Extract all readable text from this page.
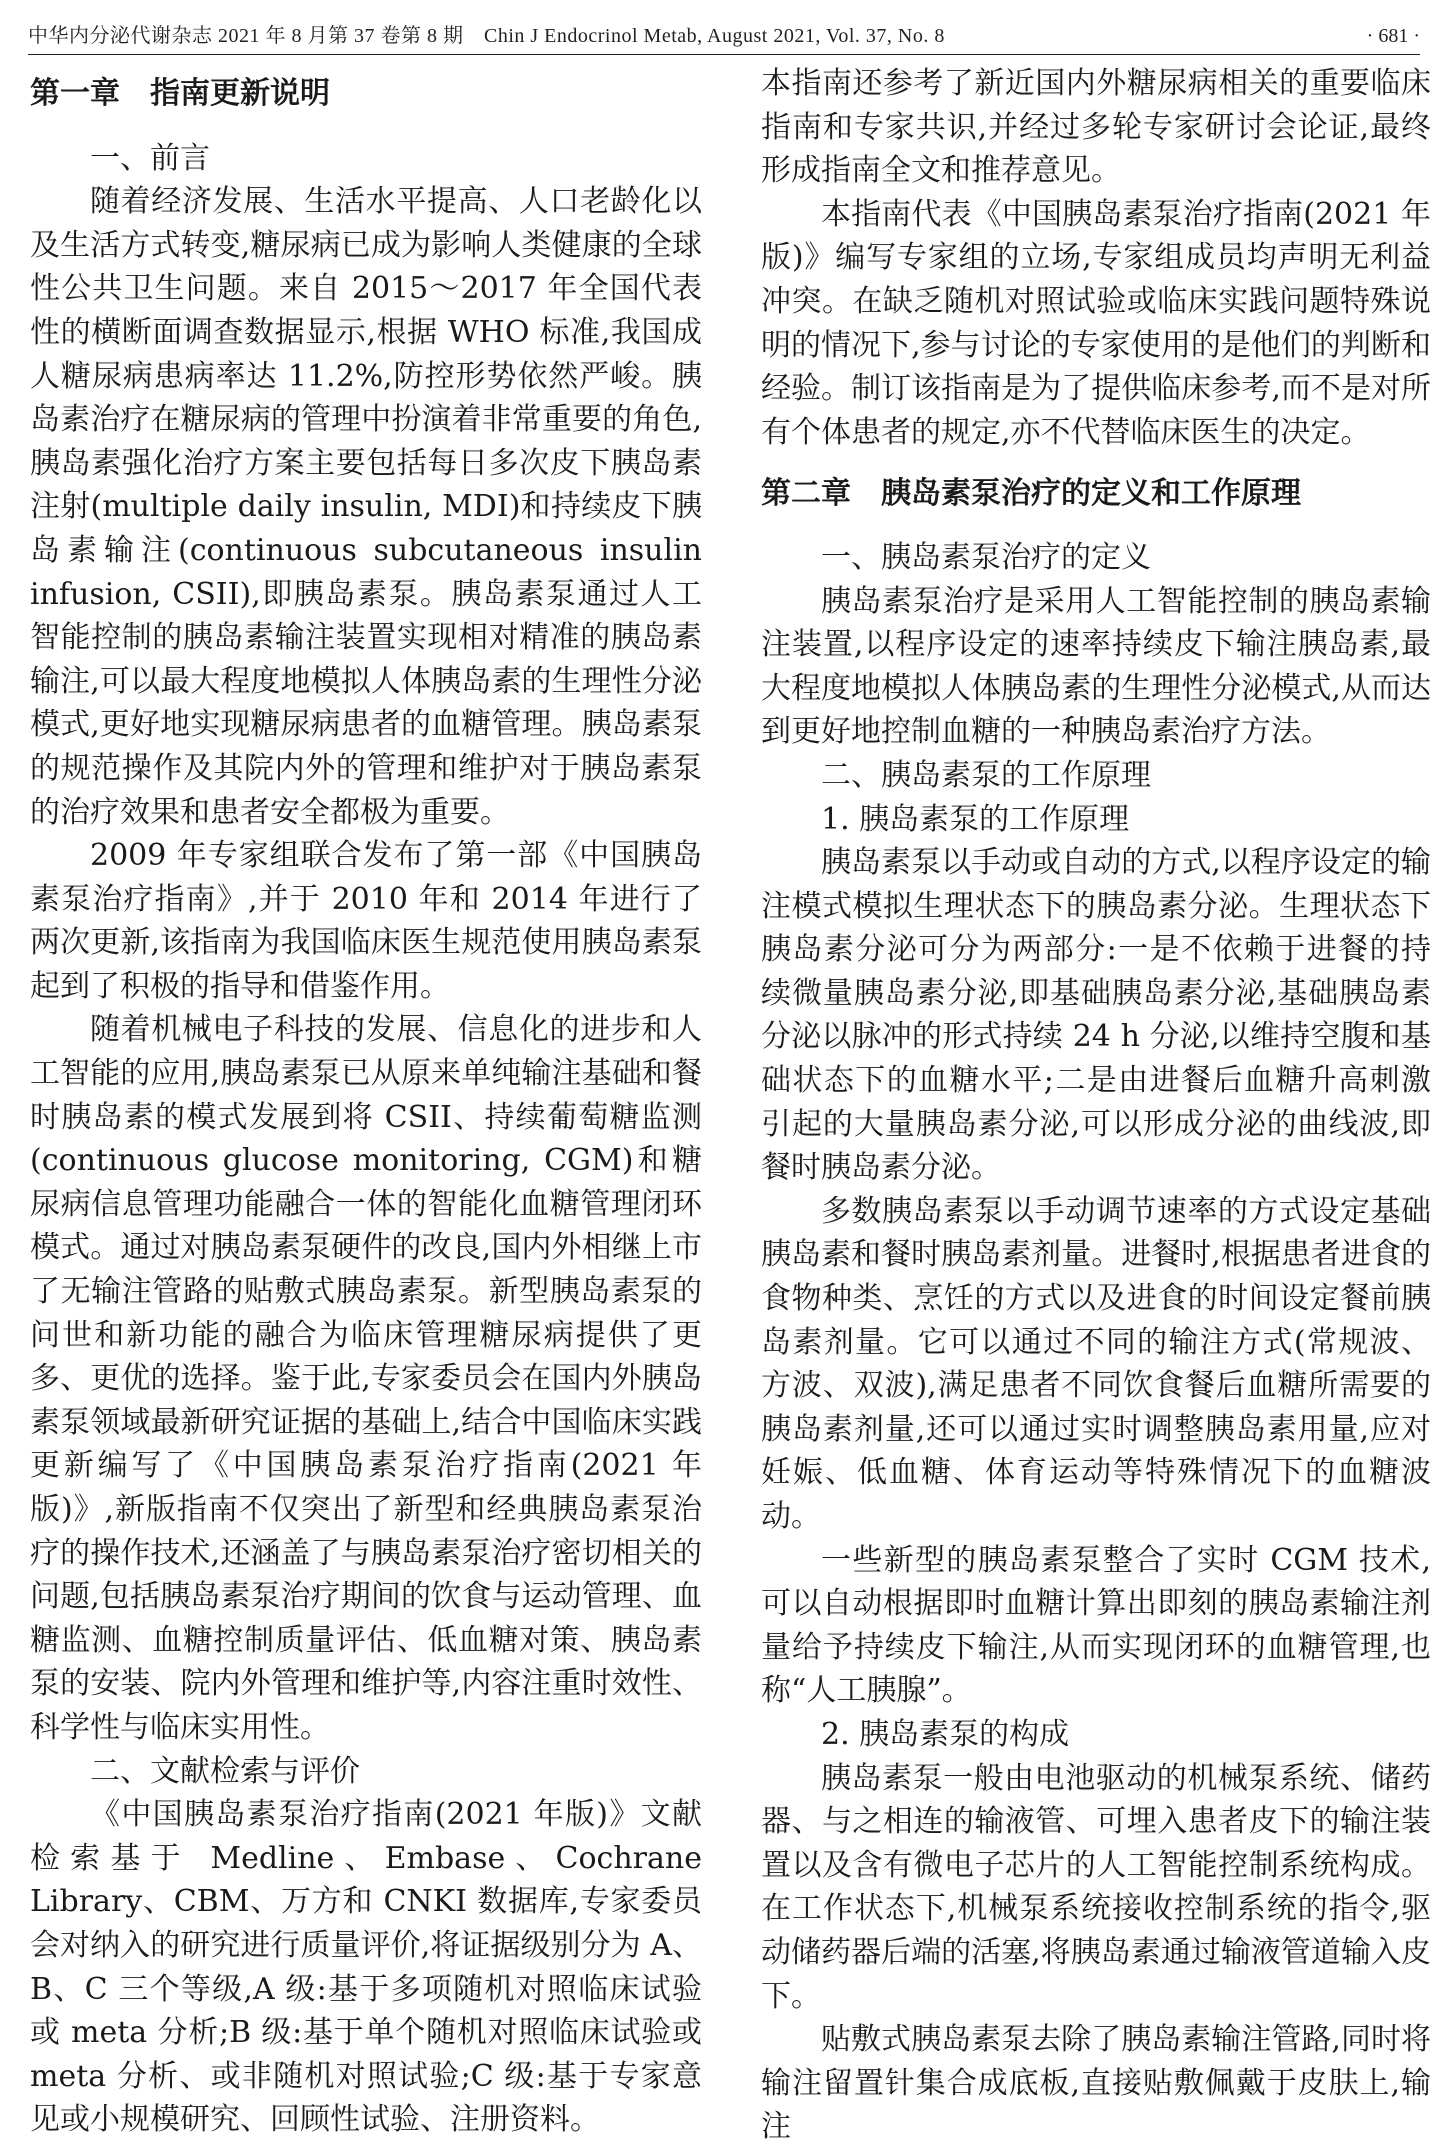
中华内分泌代谢杂志 2021 年 8 月第 37 卷第 8 期　Chin J Endocrinol Metab, August 2021, Vol. 37, No. 8	· 681 ·

第一章　指南更新说明

一、前言

随着经济发展、生活水平提高、人口老龄化以及生活方式转变,糖尿病已成为影响人类健康的全球性公共卫生问题。来自 2015～2017 年全国代表性的横断面调查数据显示,根据 WHO 标准,我国成人糖尿病患病率达 11.2%,防控形势依然严峻。胰岛素治疗在糖尿病的管理中扮演着非常重要的角色,胰岛素强化治疗方案主要包括每日多次皮下胰岛素注射(multiple daily insulin, MDI)和持续皮下胰岛素输注(continuous subcutaneous insulin infusion, CSII),即胰岛素泵。胰岛素泵通过人工智能控制的胰岛素输注装置实现相对精准的胰岛素输注,可以最大程度地模拟人体胰岛素的生理性分泌模式,更好地实现糖尿病患者的血糖管理。胰岛素泵的规范操作及其院内外的管理和维护对于胰岛素泵的治疗效果和患者安全都极为重要。

2009 年专家组联合发布了第一部《中国胰岛素泵治疗指南》,并于 2010 年和 2014 年进行了两次更新,该指南为我国临床医生规范使用胰岛素泵起到了积极的指导和借鉴作用。

随着机械电子科技的发展、信息化的进步和人工智能的应用,胰岛素泵已从原来单纯输注基础和餐时胰岛素的模式发展到将 CSII、持续葡萄糖监测(continuous glucose monitoring, CGM)和糖尿病信息管理功能融合一体的智能化血糖管理闭环模式。通过对胰岛素泵硬件的改良,国内外相继上市了无输注管路的贴敷式胰岛素泵。新型胰岛素泵的问世和新功能的融合为临床管理糖尿病提供了更多、更优的选择。鉴于此,专家委员会在国内外胰岛素泵领域最新研究证据的基础上,结合中国临床实践更新编写了《中国胰岛素泵治疗指南(2021 年版)》,新版指南不仅突出了新型和经典胰岛素泵治疗的操作技术,还涵盖了与胰岛素泵治疗密切相关的问题,包括胰岛素泵治疗期间的饮食与运动管理、血糖监测、血糖控制质量评估、低血糖对策、胰岛素泵的安装、院内外管理和维护等,内容注重时效性、科学性与临床实用性。

二、文献检索与评价

《中国胰岛素泵治疗指南(2021 年版)》文献检索基于 Medline、Embase、Cochrane Library、CBM、万方和 CNKI 数据库,专家委员会对纳入的研究进行质量评价,将证据级别分为 A、B、C 三个等级,A 级:基于多项随机对照临床试验或 meta 分析;B 级:基于单个随机对照临床试验或 meta 分析、或非随机对照试验;C 级:基于专家意见或小规模研究、回顾性试验、注册资料。

本指南还参考了新近国内外糖尿病相关的重要临床指南和专家共识,并经过多轮专家研讨会论证,最终形成指南全文和推荐意见。

本指南代表《中国胰岛素泵治疗指南(2021 年版)》编写专家组的立场,专家组成员均声明无利益冲突。在缺乏随机对照试验或临床实践问题特殊说明的情况下,参与讨论的专家使用的是他们的判断和经验。制订该指南是为了提供临床参考,而不是对所有个体患者的规定,亦不代替临床医生的决定。

第二章　胰岛素泵治疗的定义和工作原理

一、胰岛素泵治疗的定义

胰岛素泵治疗是采用人工智能控制的胰岛素输注装置,以程序设定的速率持续皮下输注胰岛素,最大程度地模拟人体胰岛素的生理性分泌模式,从而达到更好地控制血糖的一种胰岛素治疗方法。

二、胰岛素泵的工作原理

1. 胰岛素泵的工作原理

胰岛素泵以手动或自动的方式,以程序设定的输注模式模拟生理状态下的胰岛素分泌。生理状态下胰岛素分泌可分为两部分:一是不依赖于进餐的持续微量胰岛素分泌,即基础胰岛素分泌,基础胰岛素分泌以脉冲的形式持续 24 h 分泌,以维持空腹和基础状态下的血糖水平;二是由进餐后血糖升高刺激引起的大量胰岛素分泌,可以形成分泌的曲线波,即餐时胰岛素分泌。

多数胰岛素泵以手动调节速率的方式设定基础胰岛素和餐时胰岛素剂量。进餐时,根据患者进食的食物种类、烹饪的方式以及进食的时间设定餐前胰岛素剂量。它可以通过不同的输注方式(常规波、方波、双波),满足患者不同饮食餐后血糖所需要的胰岛素剂量,还可以通过实时调整胰岛素用量,应对妊娠、低血糖、体育运动等特殊情况下的血糖波动。

一些新型的胰岛素泵整合了实时 CGM 技术,可以自动根据即时血糖计算出即刻的胰岛素输注剂量给予持续皮下输注,从而实现闭环的血糖管理,也称“人工胰腺”。

2. 胰岛素泵的构成

胰岛素泵一般由电池驱动的机械泵系统、储药器、与之相连的输液管、可埋入患者皮下的输注装置以及含有微电子芯片的人工智能控制系统构成。在工作状态下,机械泵系统接收控制系统的指令,驱动储药器后端的活塞,将胰岛素通过输液管道输入皮下。

贴敷式胰岛素泵去除了胰岛素输注管路,同时将输注留置针集合成底板,直接贴敷佩戴于皮肤上,输注
